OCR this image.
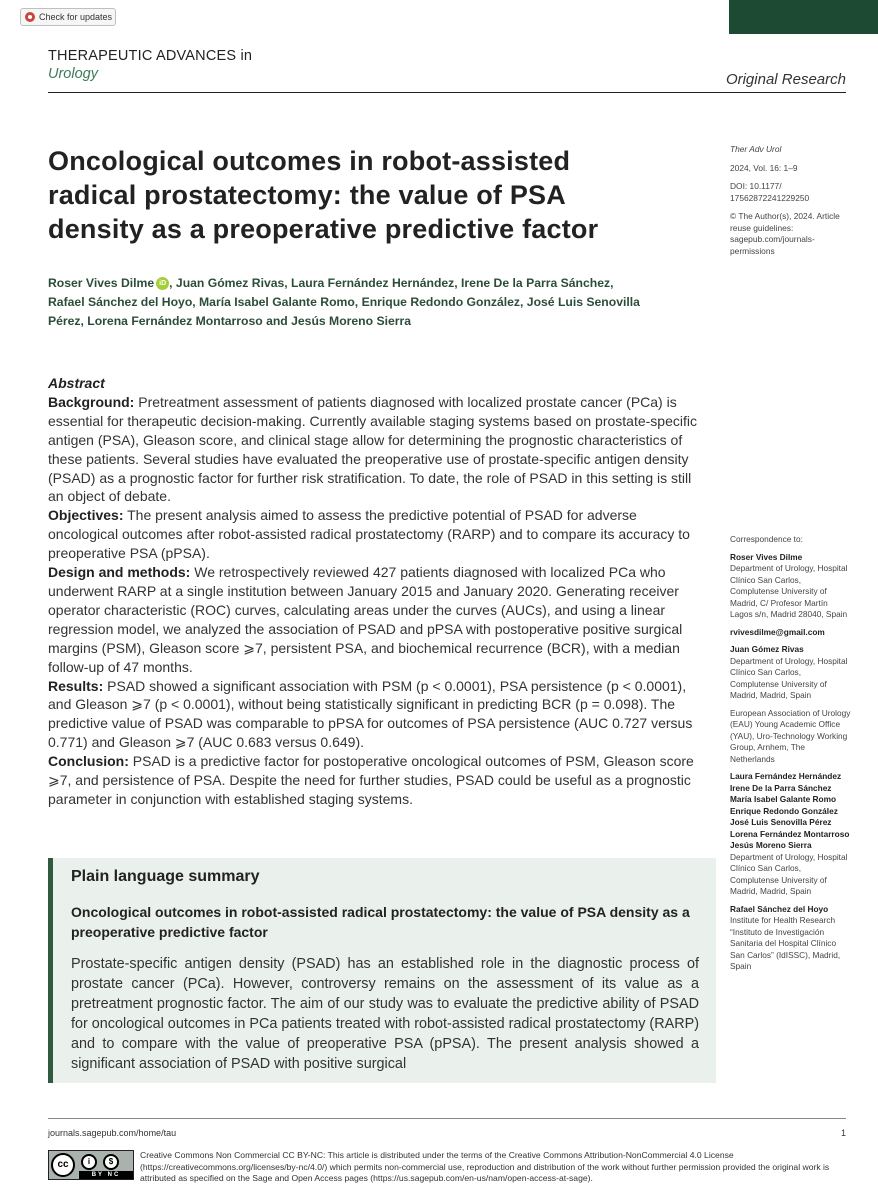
Check for updates
THERAPEUTIC ADVANCES in
Urology	Original Research
Oncological outcomes in robot-assisted radical prostatectomy: the value of PSA density as a preoperative predictive factor
Ther Adv Urol
2024, Vol. 16: 1–9
DOI: 10.1177/ 17562872241229250
© The Author(s), 2024. Article reuse guidelines: sagepub.com/journals-permissions
Roser Vives Dilme iD , Juan Gómez Rivas, Laura Fernández Hernández, Irene De la Parra Sánchez, Rafael Sánchez del Hoyo, María Isabel Galante Romo, Enrique Redondo González, José Luis Senovilla Pérez, Lorena Fernández Montarroso and Jesús Moreno Sierra
Abstract

Background: Pretreatment assessment of patients diagnosed with localized prostate cancer (PCa) is essential for therapeutic decision-making. Currently available staging systems based on prostate-specific antigen (PSA), Gleason score, and clinical stage allow for determining the prognostic characteristics of these patients. Several studies have evaluated the preoperative use of prostate-specific antigen density (PSAD) as a prognostic factor for further risk stratification. To date, the role of PSAD in this setting is still an object of debate.

Objectives: The present analysis aimed to assess the predictive potential of PSAD for adverse oncological outcomes after robot-assisted radical prostatectomy (RARP) and to compare its accuracy to preoperative PSA (pPSA).

Design and methods: We retrospectively reviewed 427 patients diagnosed with localized PCa who underwent RARP at a single institution between January 2015 and January 2020. Generating receiver operator characteristic (ROC) curves, calculating areas under the curves (AUCs), and using a linear regression model, we analyzed the association of PSAD and pPSA with postoperative positive surgical margins (PSM), Gleason score ⩾7, persistent PSA, and biochemical recurrence (BCR), with a median follow-up of 47 months.

Results: PSAD showed a significant association with PSM (p < 0.0001), PSA persistence (p < 0.0001), and Gleason ⩾7 (p < 0.0001), without being statistically significant in predicting BCR (p = 0.098). The predictive value of PSAD was comparable to pPSA for outcomes of PSA persistence (AUC 0.727 versus 0.771) and Gleason ⩾7 (AUC 0.683 versus 0.649).

Conclusion: PSAD is a predictive factor for postoperative oncological outcomes of PSM, Gleason score ⩾7, and persistence of PSA. Despite the need for further studies, PSAD could be useful as a prognostic parameter in conjunction with established staging systems.

Correspondence to:
Roser Vives Dilme
Department of Urology, Hospital Clínico San Carlos, Complutense University of Madrid, C/ Profesor Martín Lagos s/n, Madrid 28040, Spain
rvivesdilme@gmail.com
Juan Gómez Rivas
Department of Urology, Hospital Clínico San Carlos, Complutense University of Madrid, Madrid, Spain
European Association of Urology (EAU) Young Academic Office (YAU), Uro-Technology Working Group, Arnhem, The Netherlands
Laura Fernández Hernández Irene De la Parra Sánchez María Isabel Galante Romo Enrique Redondo González José Luis Senovilla Pérez Lorena Fernández Montarroso Jesús Moreno Sierra
Department of Urology, Hospital Clínico San Carlos, Complutense University of Madrid, Madrid, Spain
Rafael Sánchez del Hoyo
Institute for Health Research “Instituto de Investigación Sanitaria del Hospital Clínico San Carlos” (IdISSC), Madrid, Spain
Plain language summary
Oncological outcomes in robot-assisted radical prostatectomy: the value of PSA density as a preoperative predictive factor
Prostate-specific antigen density (PSAD) has an established role in the diagnostic process of prostate cancer (PCa). However, controversy remains on the assessment of its value as a pretreatment prognostic factor. The aim of our study was to evaluate the predictive ability of PSAD for oncological outcomes in PCa patients treated with robot-assisted radical prostatectomy (RARP) and to compare with the value of preoperative PSA (pPSA). The present analysis showed a significant association of PSAD with positive surgical
journals.sagepub.com/home/tau	1
cc	i	$
BY NC
Creative Commons Non Commercial CC BY-NC: This article is distributed under the terms of the Creative Commons Attribution-NonCommercial 4.0 License (https://creativecommons.org/licenses/by-nc/4.0/) which permits non-commercial use, reproduction and distribution of the work without further permission provided the original work is attributed as specified on the Sage and Open Access pages (https://us.sagepub.com/en-us/nam/open-access-at-sage).
